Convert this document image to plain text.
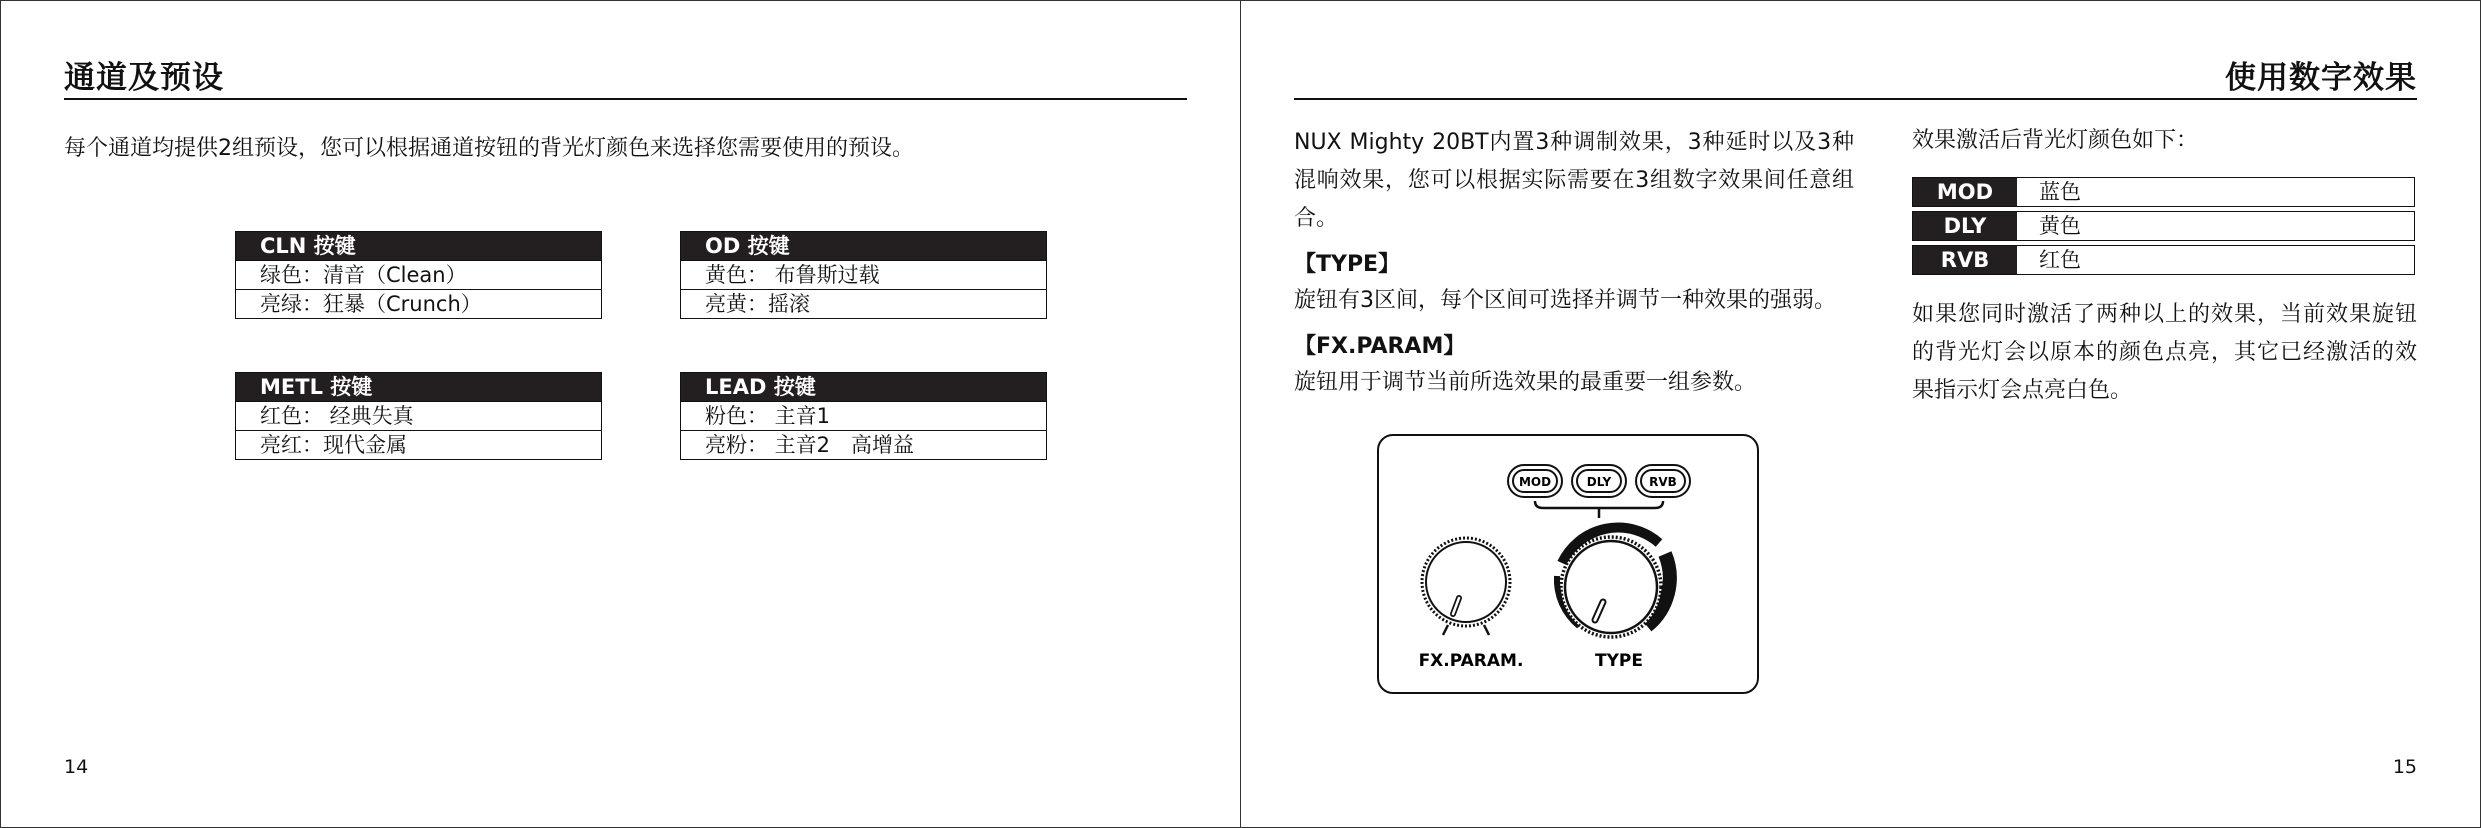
通道及预设
每个通道均提供2组预设，您可以根据通道按钮的背光灯颜色来选择您需要使用的预设。
CLN 按键
绿色：清音（Clean）
亮绿：狂暴（Crunch）
OD 按键
黄色： 布鲁斯过载
亮黄：摇滚
METL 按键
红色： 经典失真
亮红：现代金属
LEAD 按键
粉色： 主音1
亮粉： 主音2　高增益
14
使用数字效果

NUX Mighty 20BT内置3种调制效果，3种延时以及3种混响效果，您可以根据实际需要在3组数字效果间任意组合。

【TYPE】

旋钮有3区间，每个区间可选择并调节一种效果的强弱。

【FX.PARAM】

旋钮用于调节当前所选效果的最重要一组参数。

MOD	DLY	RVB
FX.PARAM.	TYPE
效果激活后背光灯颜色如下：
MOD	蓝色
DLY	黄色
RVB	红色
如果您同时激活了两种以上的效果，当前效果旋钮的背光灯会以原本的颜色点亮，其它已经激活的效果指示灯会点亮白色。
15
